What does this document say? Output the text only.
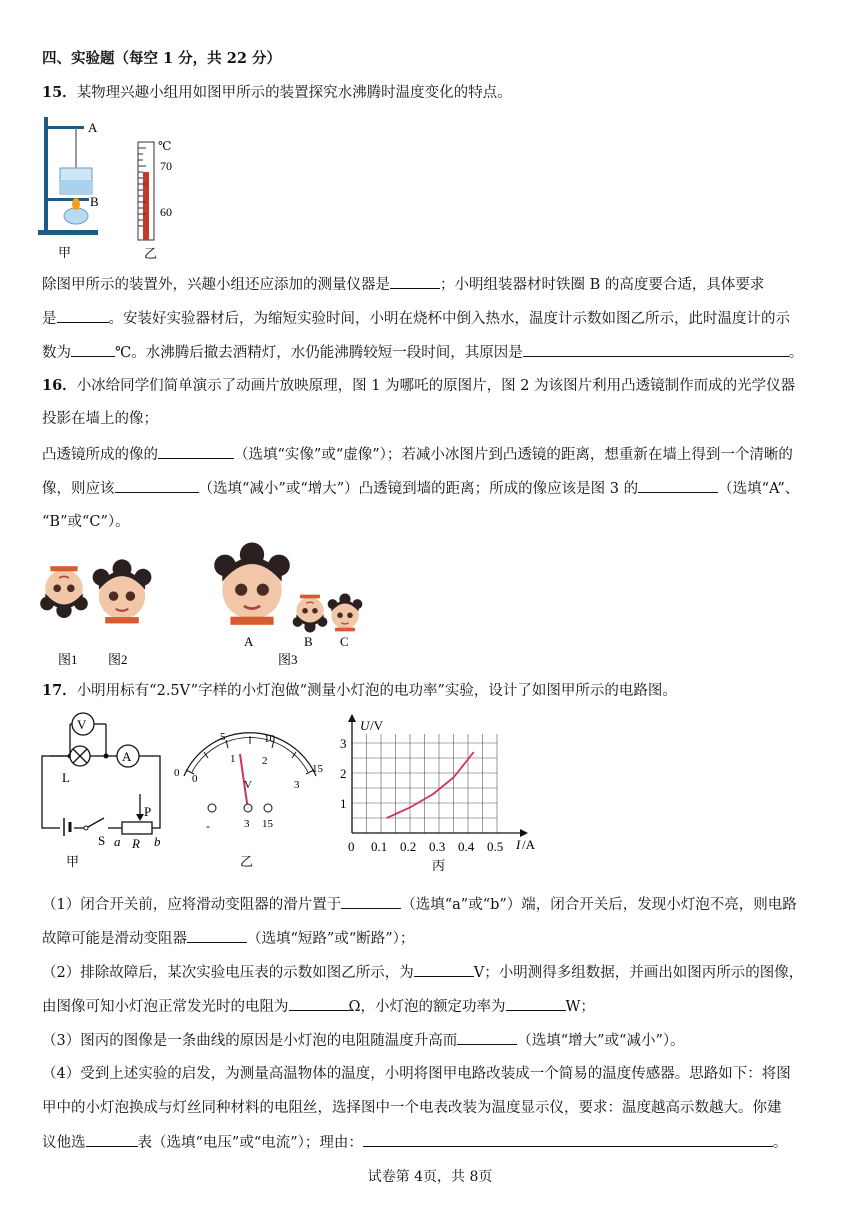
四、实验题（每空 1 分，共 22 分）
15．某物理兴趣小组用如图甲所示的装置探究水沸腾时温度变化的特点。
A
B
甲
℃
70
60
乙
除图甲所示的装置外，兴趣小组还应添加的测量仪器是	；小明组装器材时铁圈 B 的高度要合适，具体要求
是	。安装好实验器材后，为缩短实验时间，小明在烧杯中倒入热水，温度计示数如图乙所示，此时温度计的示
数为	℃。水沸腾后撤去酒精灯，水仍能沸腾较短一段时间，其原因是	。
16．小冰给同学们简单演示了动画片放映原理，图 1 为哪吒的原图片，图 2 为该图片利用凸透镜制作而成的光学仪器
投影在墙上的像；
凸透镜所成的像的	（选填“实像”或“虚像”）；若减小冰图片到凸透镜的距离，想重新在墙上得到一个清晰的
像，则应该	（选填“减小”或“增大”）凸透镜到墙的距离；所成的像应该是图 3 的	（选填“A”、
“B”或“C”）。
A	B C
图1 图2	图3
17．小明用标有“2.5V”字样的小灯泡做“测量小灯泡的电功率”实验，设计了如图甲所示的电路图。
V
A
L
S
P
a R b
甲
0
5	10
15
0
1 2
3
V
-	3 15
乙
0 0.1 0.2 0.3 0.4 0.5
1
2
3
U /V
I /A
丙
（1）闭合开关前，应将滑动变阻器的滑片置于	（选填“a”或“b”）端，闭合开关后，发现小灯泡不亮，则电路
故障可能是滑动变阻器	（选填“短路”或“断路”）；
（2）排除故障后，某次实验电压表的示数如图乙所示，为	V；小明测得多组数据，并画出如图丙所示的图像，
由图像可知小灯泡正常发光时的电阻为	Ω，小灯泡的额定功率为	W；
（3）图丙的图像是一条曲线的原因是小灯泡的电阻随温度升高而	（选填“增大”或“减小”）。
（4）受到上述实验的启发，为测量高温物体的温度，小明将图甲电路改装成一个简易的温度传感器。思路如下：将图
甲中的小灯泡换成与灯丝同种材料的电阻丝，选择图中一个电表改装为温度显示仪，要求：温度越高示数越大。你建
议他选	表（选填“电压”或“电流”）；理由：	。
试卷第 4页，共 8页
